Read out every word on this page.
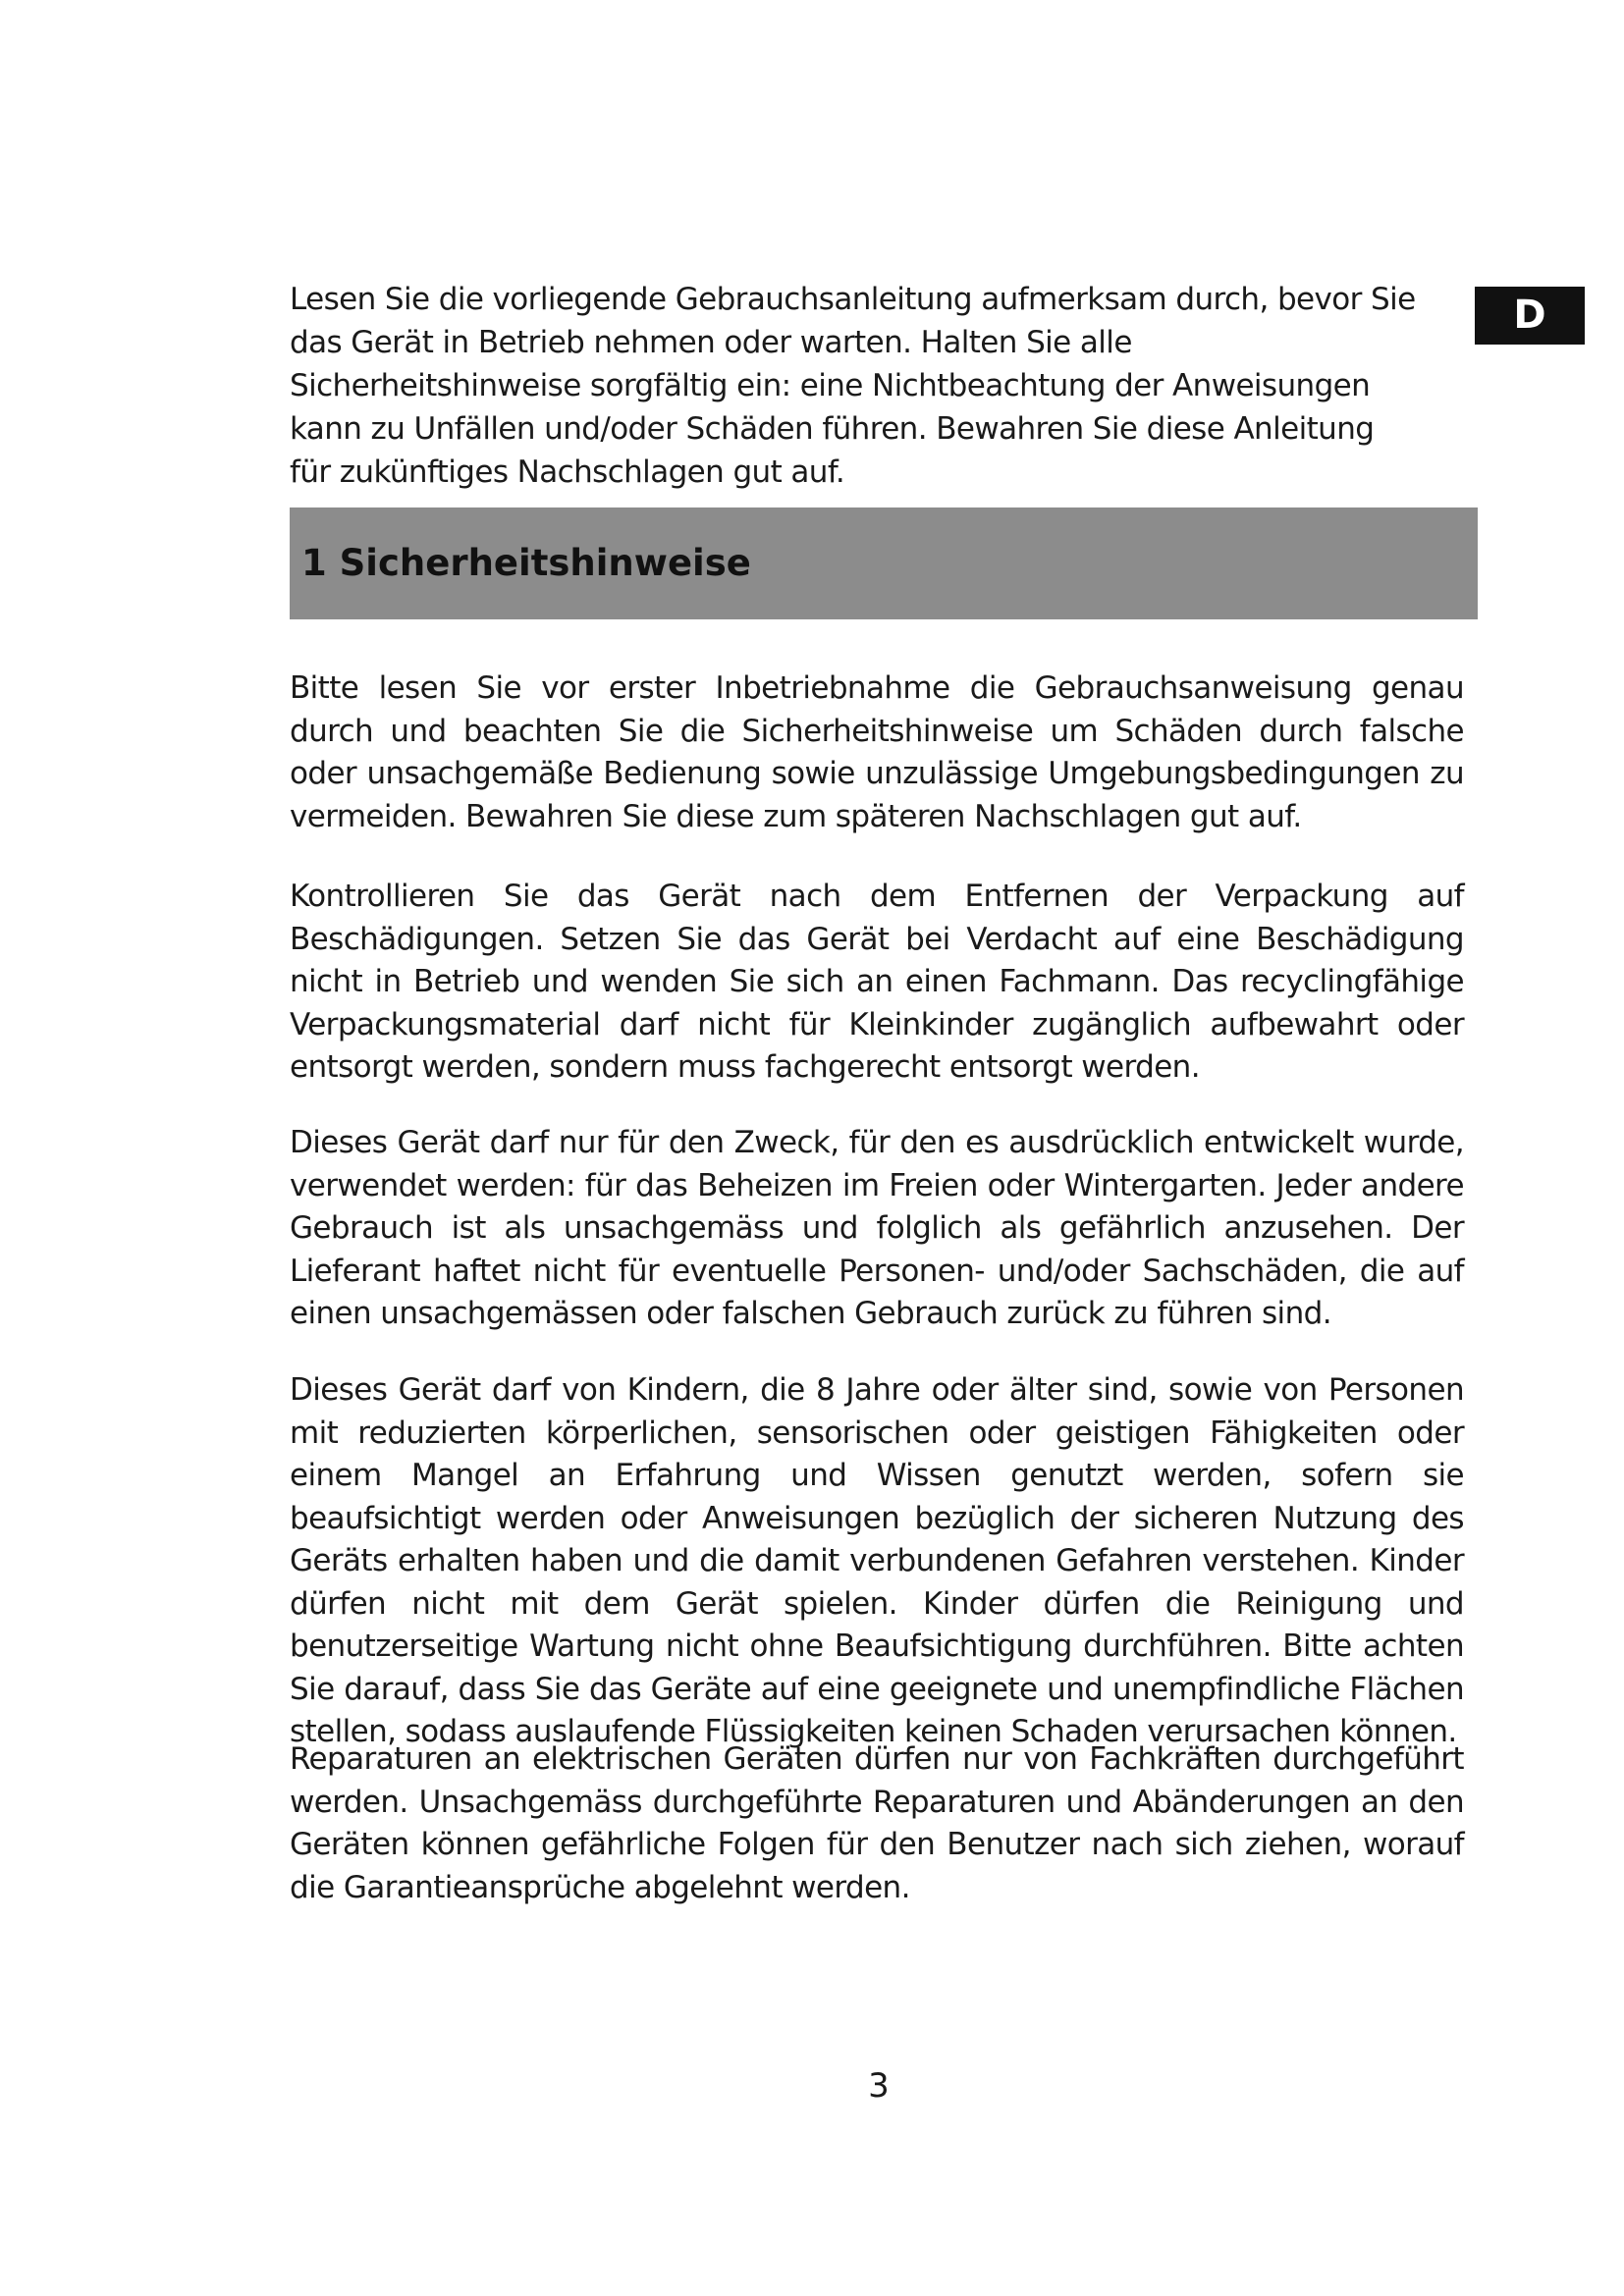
D

Lesen Sie die vorliegende Gebrauchsanleitung aufmerksam durch, bevor Sie das Gerät in Betrieb nehmen oder warten. Halten Sie alle Sicherheitshinweise sorgfältig ein: eine Nichtbeachtung der Anweisungen kann zu Unfällen und/oder Schäden führen. Bewahren Sie diese Anleitung für zukünftiges Nachschlagen gut auf.

1 Sicherheitshinweise

Bitte lesen Sie vor erster Inbetriebnahme die Gebrauchsanweisung genau durch und beachten Sie die Sicherheitshinweise um Schäden durch falsche oder unsachgemäße Bedienung sowie unzulässige Umgebungsbedingungen zu vermeiden. Bewahren Sie diese zum späteren Nachschlagen gut auf.

Kontrollieren Sie das Gerät nach dem Entfernen der Verpackung auf Beschädigungen. Setzen Sie das Gerät bei Verdacht auf eine Beschädigung nicht in Betrieb und wenden Sie sich an einen Fachmann. Das recyclingfähige Verpackungsmaterial darf nicht für Kleinkinder zugänglich aufbewahrt oder entsorgt werden, sondern muss fachgerecht entsorgt werden.

Dieses Gerät darf nur für den Zweck, für den es ausdrücklich entwickelt wurde, verwendet werden: für das Beheizen im Freien oder Wintergarten. Jeder andere Gebrauch ist als unsachgemäss und folglich als gefährlich anzusehen. Der Lieferant haftet nicht für eventuelle Personen- und/oder Sachschäden, die auf einen unsachgemässen oder falschen Gebrauch zurück zu führen sind.

Dieses Gerät darf von Kindern, die 8 Jahre oder älter sind, sowie von Personen mit reduzierten körperlichen, sensorischen oder geistigen Fähigkeiten oder einem Mangel an Erfahrung und Wissen genutzt werden, sofern sie beaufsichtigt werden oder Anweisungen bezüglich der sicheren Nutzung des Geräts erhalten haben und die damit verbundenen Gefahren verstehen. Kinder dürfen nicht mit dem Gerät spielen. Kinder dürfen die Reinigung und benutzerseitige Wartung nicht ohne Beaufsichtigung durchführen. Bitte achten Sie darauf, dass Sie das Geräte auf eine geeignete und unempfindliche Flächen stellen, sodass auslaufende Flüssigkeiten keinen Schaden verursachen können.

Reparaturen an elektrischen Geräten dürfen nur von Fachkräften durchgeführt werden. Unsachgemäss durchgeführte Reparaturen und Abänderungen an den Geräten können gefährliche Folgen für den Benutzer nach sich ziehen, worauf die Garantieansprüche abgelehnt werden.

3
